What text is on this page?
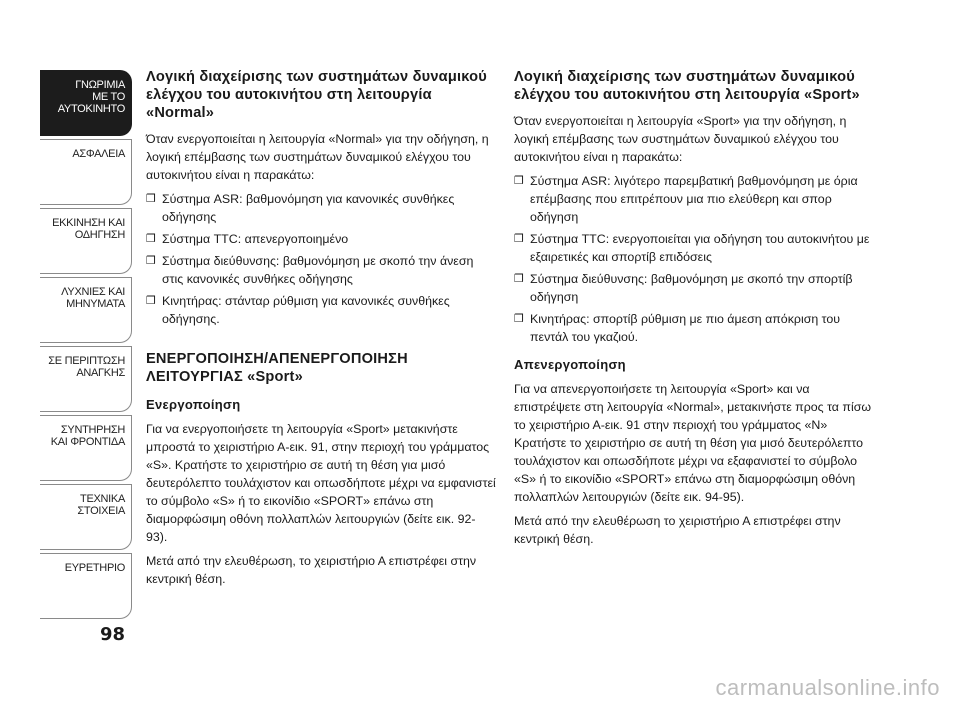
ΓΝΩΡΙΜΙΑ
ΜΕ ΤΟ
ΑΥΤΟΚΙΝΗΤΟ
ΑΣΦΑΛΕΙΑ
ΕΚΚΙΝΗΣΗ ΚΑΙ
ΟΔΗΓΗΣΗ
ΛΥΧΝΙΕΣ ΚΑΙ
ΜΗΝΥΜΑΤΑ
ΣΕ ΠΕΡΙΠΤΩΣΗ
ΑΝΑΓΚΗΣ
ΣΥΝΤΗΡΗΣΗ
ΚΑΙ ΦΡΟΝΤΙΔΑ
ΤΕΧΝΙΚΑ
ΣΤΟΙΧΕΙΑ
ΕΥΡΕΤΗΡΙΟ
98
Λογική διαχείρισης των συστημάτων δυναμικού ελέγχου του αυτοκινήτου στη λειτουργία «Normal»

Όταν ενεργοποιείται η λειτουργία «Normal» για την οδήγηση, η λογική επέμβασης των συστημάτων δυναμικού ελέγχου του αυτοκινήτου είναι η παρακάτω:

❒ Σύστημα ASR: βαθμονόμηση για κανονικές συνθήκες οδήγησης
❒ Σύστημα TTC: απενεργοποιημένο
❒ Σύστημα διεύθυνσης: βαθμονόμηση με σκοπό την άνεση στις κανονικές συνθήκες οδήγησης
❒ Κινητήρας: στάνταρ ρύθμιση για κανονικές συνθήκες οδήγησης.
ΕΝΕΡΓΟΠΟΙΗΣΗ/ΑΠΕΝΕΡΓΟΠΟΙΗΣΗ ΛΕΙΤΟΥΡΓΙΑΣ «Sport»
Ενεργοποίηση

Για να ενεργοποιήσετε τη λειτουργία «Sport» μετακινήστε μπροστά το χειριστήριο Α-εικ. 91, στην περιοχή του γράμματος «S». Κρατήστε το χειριστήριο σε αυτή τη θέση για μισό δευτερόλεπτο τουλάχιστον και οπωσδήποτε μέχρι να εμφανιστεί το σύμβολο «S» ή το εικονίδιο «SPORT» επάνω στη διαμορφώσιμη οθόνη πολλαπλών λειτουργιών (δείτε εικ. 92-93).

Μετά από την ελευθέρωση, το χειριστήριο Α επιστρέφει στην κεντρική θέση.

Λογική διαχείρισης των συστημάτων δυναμικού ελέγχου του αυτοκινήτου στη λειτουργία «Sport»

Όταν ενεργοποιείται η λειτουργία «Sport» για την οδήγηση, η λογική επέμβασης των συστημάτων δυναμικού ελέγχου του αυτοκινήτου είναι η παρακάτω:

❒ Σύστημα ASR: λιγότερο παρεμβατική βαθμονόμηση με όρια επέμβασης που επιτρέπουν μια πιο ελεύθερη και σπορ οδήγηση
❒ Σύστημα TTC: ενεργοποιείται για οδήγηση του αυτοκινήτου με εξαιρετικές και σπορτίβ επιδόσεις
❒ Σύστημα διεύθυνσης: βαθμονόμηση με σκοπό την σπορτίβ οδήγηση
❒ Κινητήρας: σπορτίβ ρύθμιση με πιο άμεση απόκριση του πεντάλ του γκαζιού.
Απενεργοποίηση

Για να απενεργοποιήσετε τη λειτουργία «Sport» και να επιστρέψετε στη λειτουργία «Normal», μετακινήστε προς τα πίσω το χειριστήριο Α-εικ. 91 στην περιοχή του γράμματος «N» Κρατήστε το χειριστήριο σε αυτή τη θέση για μισό δευτερόλεπτο τουλάχιστον και οπωσδήποτε μέχρι να εξαφανιστεί το σύμβολο «S» ή το εικονίδιο «SPORT» επάνω στη διαμορφώσιμη οθόνη πολλαπλών λειτουργιών (δείτε εικ. 94-95).

Μετά από την ελευθέρωση το χειριστήριο Α επιστρέφει στην κεντρική θέση.

carmanualsonline.info
